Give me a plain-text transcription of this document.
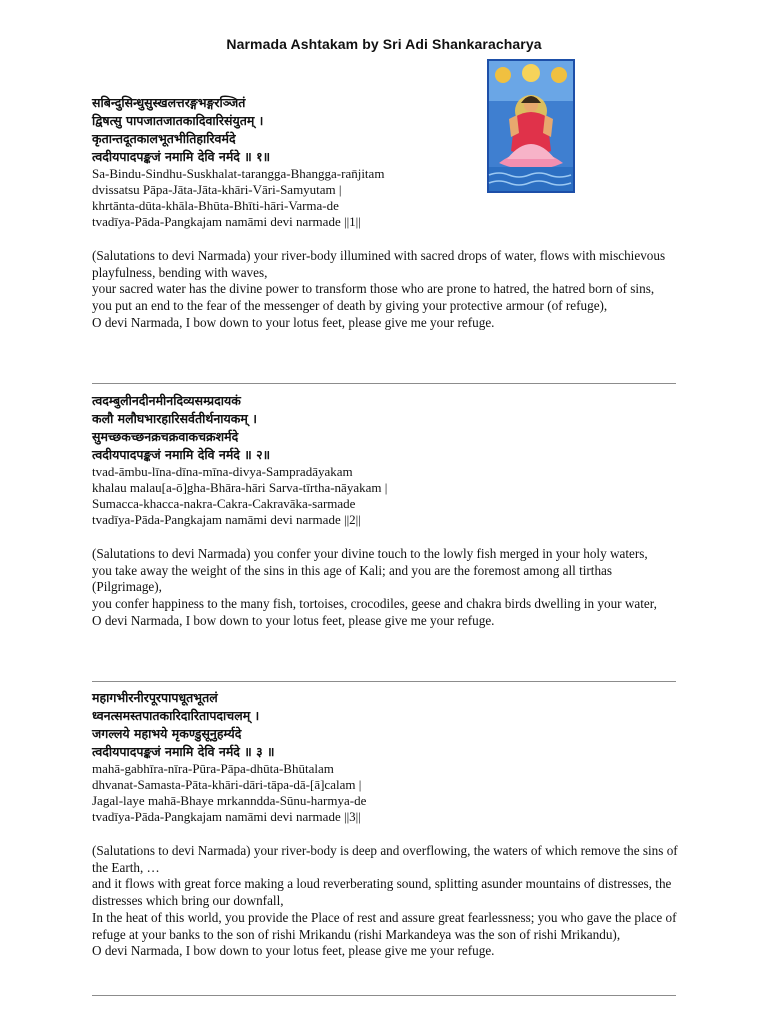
Narmada Ashtakam by Sri Adi Shankaracharya
सबिन्दुसिन्धुसुस्खलत्तरङ्गभङ्गरञ्जितं
द्विषत्सु पापजातजातकादिवारिसंयुतम् ।
कृतान्तदूतकालभूतभीतिहारिवर्मदे
त्वदीयपादपङ्कजं नमामि देवि नर्मदे ॥ १॥

Sa-Bindu-Sindhu-Suskhalat-tarangga-Bhangga-ran̄jitam

dvissatsu Pāpa-Jāta-Jāta-khāri-Vāri-Samyutam |

khrtānta-dūta-khāla-Bhūta-Bhīti-hāri-Varma-de

tvadīya-Pāda-Pangkajam namāmi devi narmade ||1||

(Salutations to devi Narmada) your river-body illumined with sacred drops of water, flows with mischievous playfulness, bending with waves,
your sacred water has the divine power to transform those who are prone to hatred, the hatred born of sins,
you put an end to the fear of the messenger of death by giving your protective armour (of refuge),
O devi Narmada, I bow down to your lotus feet, please give me your refuge.

त्वदम्बुलीनदीनमीनदिव्यसम्प्रदायकं
कलौ मलौघभारहारिसर्वतीर्थनायकम् ।
सुमच्छकच्छनक्रचक्रवाकचक्रशर्मदे
त्वदीयपादपङ्कजं नमामि देवि नर्मदे ॥ २॥

tvad-āmbu-līna-dīna-mīna-divya-Sampradāyakam

khalau malau[a-ō]gha-Bhāra-hāri Sarva-tīrtha-nāyakam |

Sumacca-khacca-nakra-Cakra-Cakravāka-sarmade

tvadīya-Pāda-Pangkajam namāmi devi narmade ||2||

(Salutations to devi Narmada) you confer your divine touch to the lowly fish merged in your holy waters,
you take away the weight of the sins in this age of Kali; and you are the foremost among all tirthas (Pilgrimage),
you confer happiness to the many fish, tortoises, crocodiles, geese and chakra birds dwelling in your water,
O devi Narmada, I bow down to your lotus feet, please give me your refuge.

महागभीरनीरपूरपापधूतभूतलं
ध्वनत्समस्तपातकारिदारितापदाचलम् ।
जगल्लये महाभये मृकण्डुसूनुहर्म्यदे
त्वदीयपादपङ्कजं नमामि देवि नर्मदे ॥ ३ ॥

mahā-gabhīra-nīra-Pūra-Pāpa-dhūta-Bhūtalam

dhvanat-Samasta-Pāta-khāri-dāri-tāpa-dā-[ā]calam |

Jagal-laye mahā-Bhaye mrkanndda-Sūnu-harmya-de

tvadīya-Pāda-Pangkajam namāmi devi narmade ||3||

(Salutations to devi Narmada) your river-body is deep and overflowing, the waters of which remove the sins of the Earth, …
and it flows with great force making a loud reverberating sound, splitting asunder mountains of distresses, the distresses which bring our downfall,
In the heat of this world, you provide the Place of rest and assure great fearlessness; you who gave the place of refuge at your banks to the son of rishi Mrikandu (rishi Markandeya was the son of rishi Mrikandu),
O devi Narmada, I bow down to your lotus feet, please give me your refuge.
